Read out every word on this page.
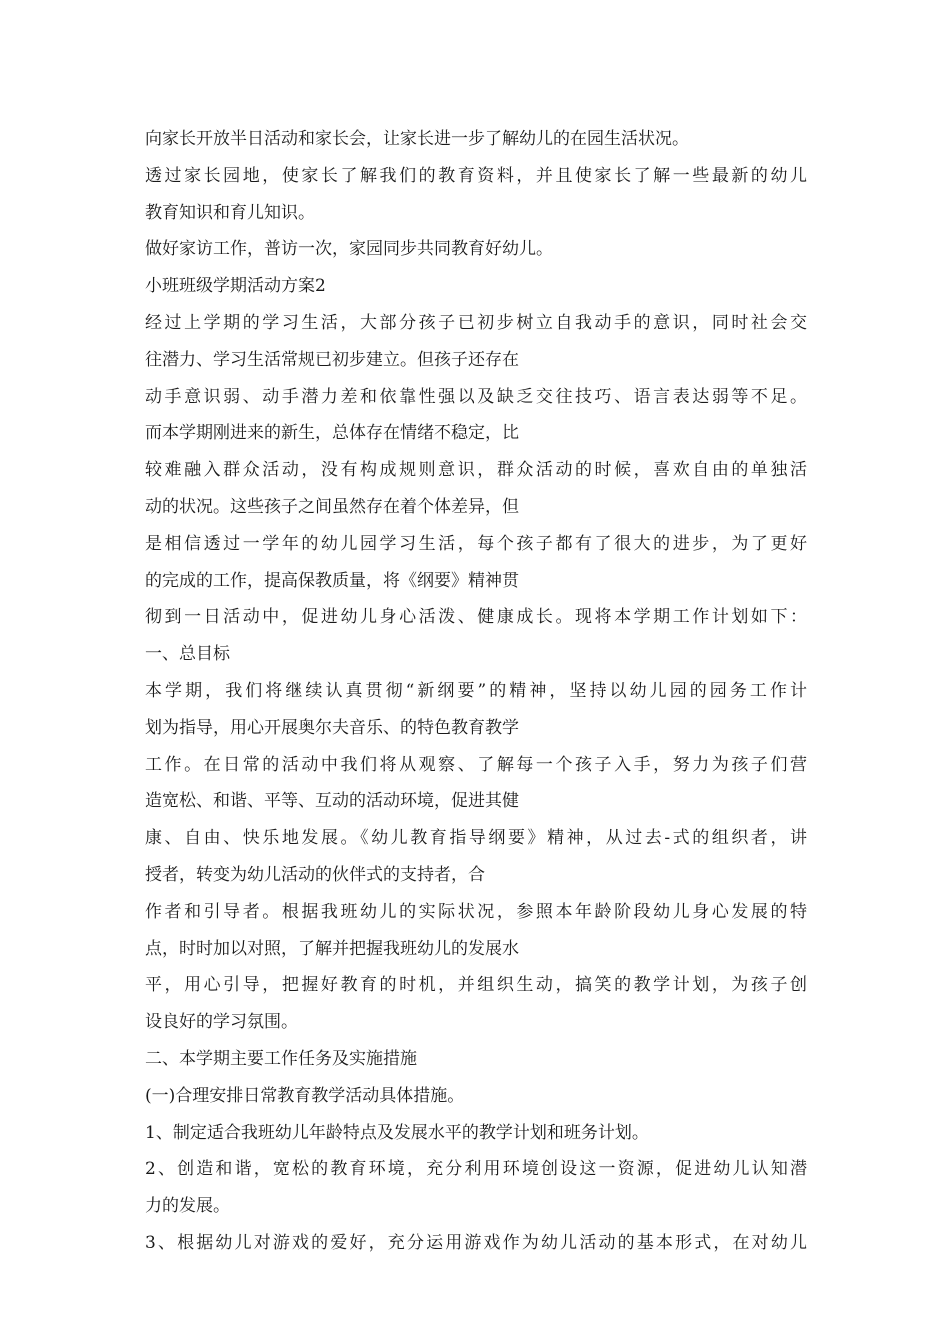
向家长开放半日活动和家长会，让家长进一步了解幼儿的在园生活状况。
透过家长园地，使家长了解我们的教育资料，并且使家长了解一些最新的幼儿
教育知识和育儿知识。
做好家访工作，普访一次，家园同步共同教育好幼儿。
小班班级学期活动方案2
经过上学期的学习生活，大部分孩子已初步树立自我动手的意识，同时社会交
往潜力、学习生活常规已初步建立。但孩子还存在
动手意识弱、动手潜力差和依靠性强以及缺乏交往技巧、语言表达弱等不足。
而本学期刚进来的新生，总体存在情绪不稳定，比
较难融入群众活动，没有构成规则意识，群众活动的时候，喜欢自由的单独活
动的状况。这些孩子之间虽然存在着个体差异，但
是相信透过一学年的幼儿园学习生活，每个孩子都有了很大的进步，为了更好
的完成的工作，提高保教质量，将《纲要》精神贯
彻到一日活动中，促进幼儿身心活泼、健康成长。现将本学期工作计划如下：
一、总目标
本学期，我们将继续认真贯彻“新纲要”的精神，坚持以幼儿园的园务工作计
划为指导，用心开展奥尔夫音乐、的特色教育教学
工作。在日常的活动中我们将从观察、了解每一个孩子入手，努力为孩子们营
造宽松、和谐、平等、互动的活动环境，促进其健
康、自由、快乐地发展。《幼儿教育指导纲要》精神，从过去-式的组织者，讲
授者，转变为幼儿活动的伙伴式的支持者，合
作者和引导者。根据我班幼儿的实际状况，参照本年龄阶段幼儿身心发展的特
点，时时加以对照，了解并把握我班幼儿的发展水
平，用心引导，把握好教育的时机，并组织生动，搞笑的教学计划，为孩子创
设良好的学习氛围。
二、本学期主要工作任务及实施措施
(一)合理安排日常教育教学活动具体措施。
1、制定适合我班幼儿年龄特点及发展水平的教学计划和班务计划。
2、创造和谐，宽松的教育环境，充分利用环境创设这一资源，促进幼儿认知潜
力的发展。
3、根据幼儿对游戏的爱好，充分运用游戏作为幼儿活动的基本形式，在对幼儿
